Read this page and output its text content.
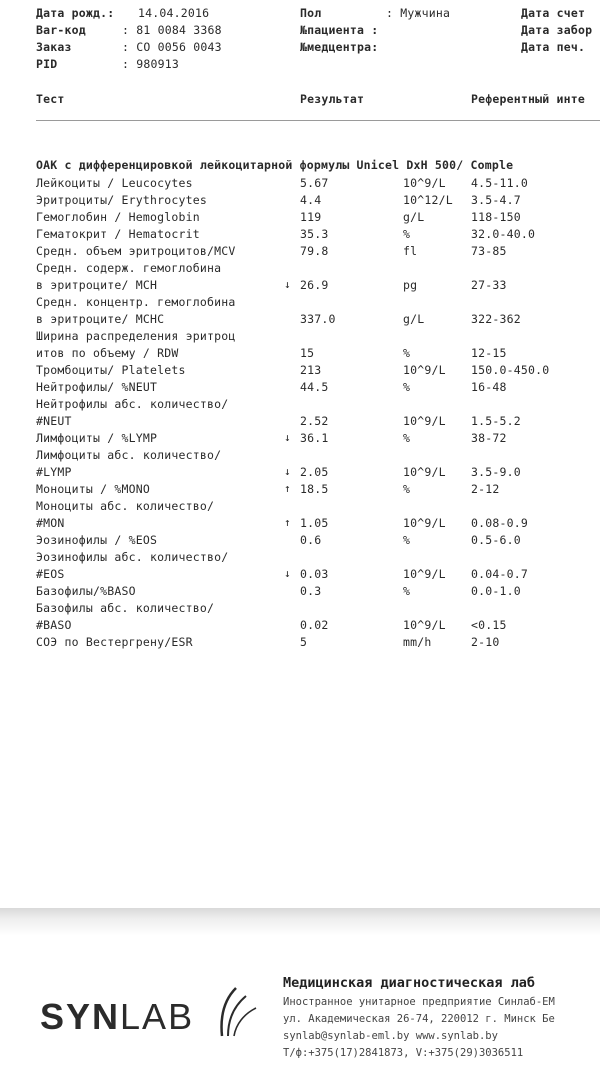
Дата рожд.: 14.04.2016	Пол	: Мужчина	Дата счет
Bar-код	: 81 0084 3368	№пациента :	Дата забор
Заказ	: CO 0056 0043	№медцентра:	Дата печ.
PID	: 980913
Тест	Результат	Референтный инте
ОАК с дифференцировкой лейкоцитарной формулы Unicel DxH 500/ Comple
Лейкоциты / Leucocytes	5.67	10^9/L 4.5-11.0
Эритроциты/ Erythrocytes	4.4	10^12/L 3.5-4.7
Гемоглобин / Hemoglobin	119	g/L	118-150
Гематокрит / Hematocrit	35.3	%	32.0-40.0
Средн. объем эритроцитов/MCV	79.8	fl	73-85
Средн. содерж. гемоглобина
в эритроците/ MCH	↓ 26.9	pg	27-33
Средн. концентр. гемоглобина
в эритроците/ MCHC	337.0	g/L	322-362
Ширина распределения эритроц
итов по объему / RDW	15	%	12-15
Тромбоциты/ Platelets	213	10^9/L 150.0-450.0
Нейтрофилы/ %NEUT	44.5	%	16-48
Нейтрофилы абс. количество/
#NEUT	2.52	10^9/L 1.5-5.2
Лимфоциты / %LYMP	↓ 36.1	%	38-72
Лимфоциты абс. количество/
#LYMP	↓ 2.05	10^9/L 3.5-9.0
Моноциты / %MONO	↑ 18.5	%	2-12
Моноциты абс. количество/
#MON	↑ 1.05	10^9/L 0.08-0.9
Эозинофилы / %EOS	0.6	%	0.5-6.0
Эозинофилы абс. количество/
#EOS	↓ 0.03	10^9/L 0.04-0.7
Базофилы/%BASO	0.3	%	0.0-1.0
Базофилы абс. количество/
#BASO	0.02	10^9/L <0.15
СОЭ по Вестергрену/ESR	5	mm/h	2-10
SYNLAB
Медицинская диагностическая лаб
Иностранное унитарное предприятие Синлаб-ЕМ
ул. Академическая 26-74, 220012 г. Минск Бе
synlab@synlab-eml.by www.synlab.by
Т/ф:+375(17)2841873, V:+375(29)3036511
